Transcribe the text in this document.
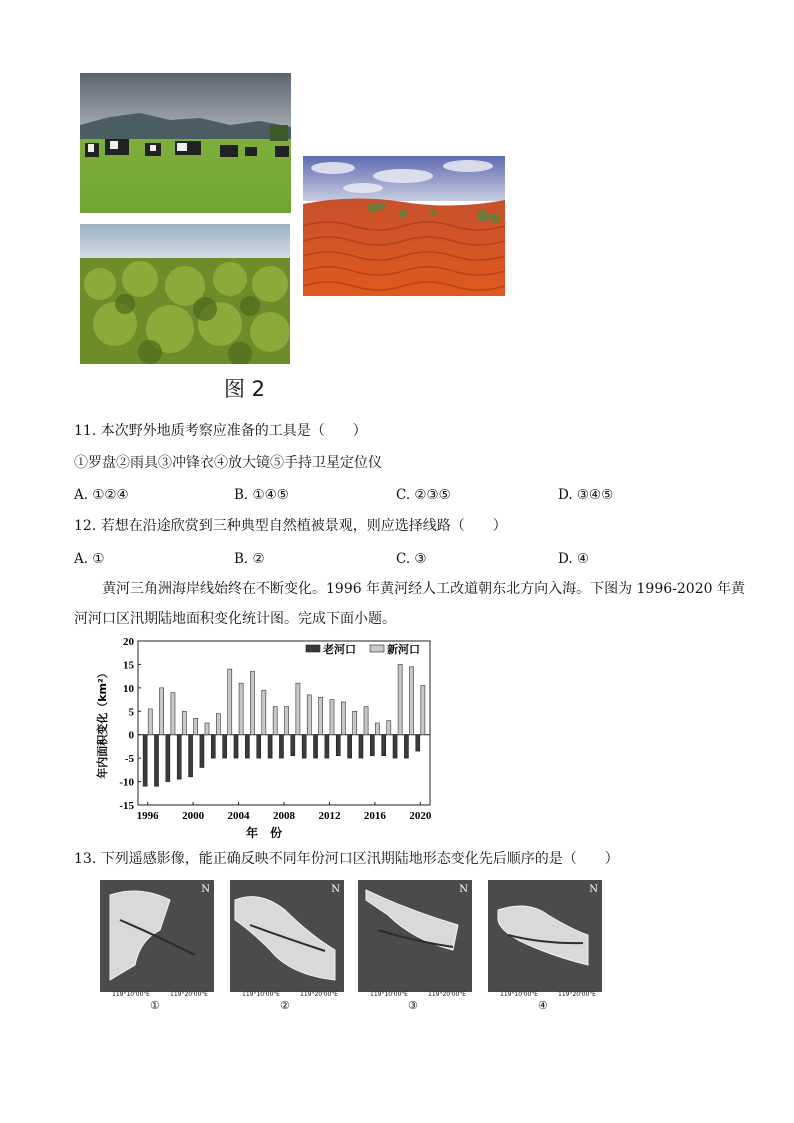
图 2
11. 本次野外地质考察应准备的工具是（　　）
①罗盘②雨具③冲锋衣④放大镜⑤手持卫星定位仪
A. ①②④	B. ①④⑤	C. ②③⑤	D. ③④⑤
12. 若想在沿途欣赏到三种典型自然植被景观，则应选择线路（　　）
A. ①	B. ②	C. ③	D. ④
黄河三角洲海岸线始终在不断变化。1996 年黄河经人工改道朝东北方向入海。下图为 1996-2020 年黄
河河口区汛期陆地面积变化统计图。完成下面小题。
20
15
10
5
0
-5
-10
-15
1996 2000 2004 2008 2012 2016 2020
年　份
年内面积变化（km²）
老河口	新河口
13. 下列遥感影像，能正确反映不同年份河口区汛期陆地形态变化先后顺序的是（　　）
N
119°10'00"E	119°20'00"E
①
N
119°10'00"E	119°20'00"E
②
N
119°10'00"E	119°20'00"E
③
N
119°10'00"E	119°20'00"E
④
